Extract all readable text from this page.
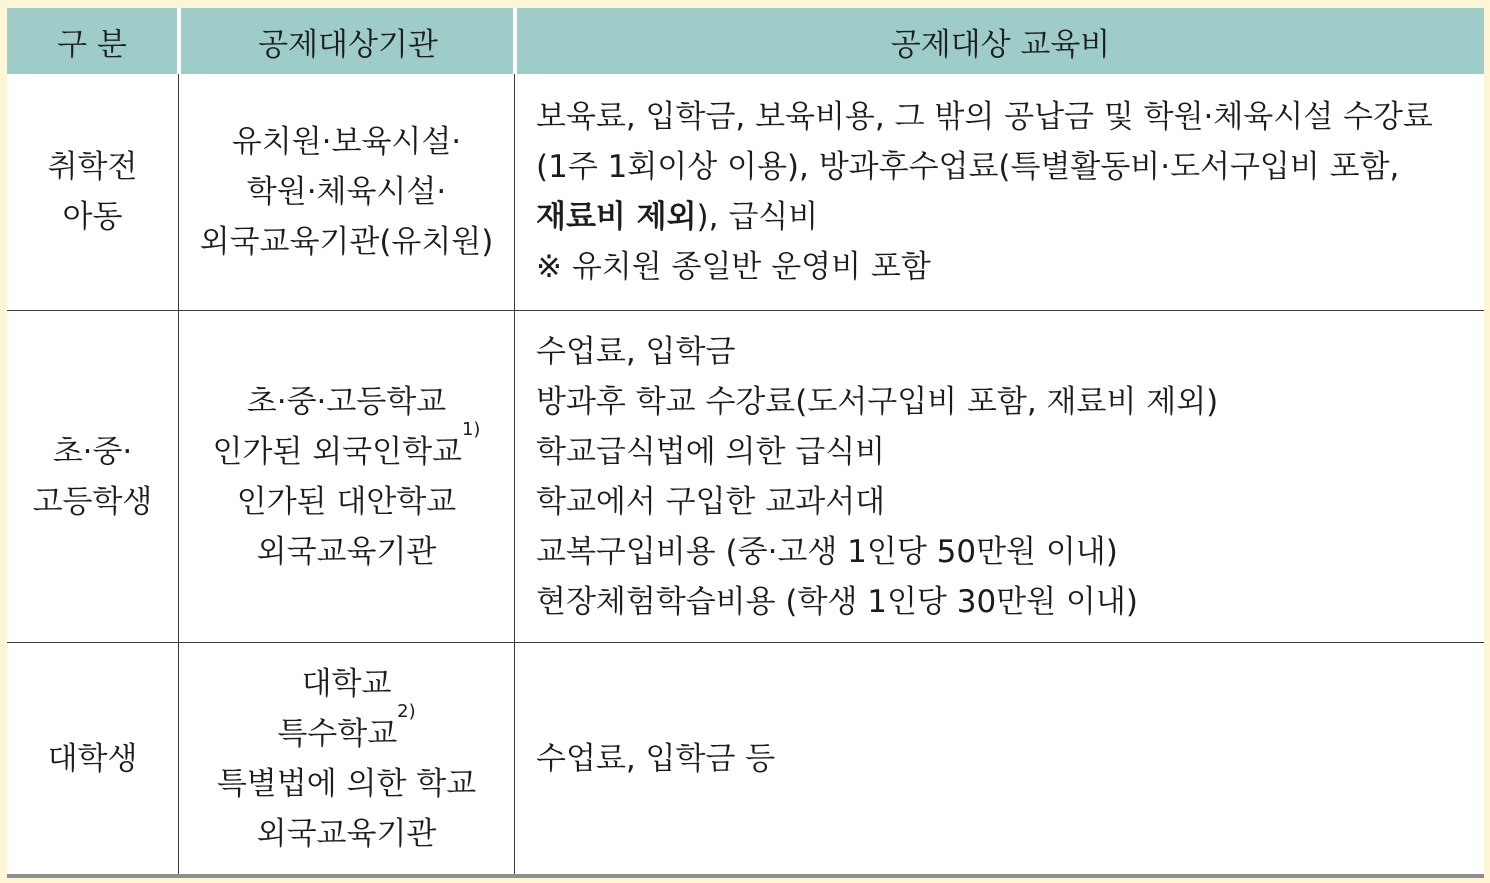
구 분	공제대상기관	공제대상 교육비
취학전
아동
유치원·보육시설·
학원·체육시설·
외국교육기관(유치원)
보육료, 입학금, 보육비용, 그 밖의 공납금 및 학원·체육시설 수강료
(1주 1회이상 이용), 방과후수업료(특별활동비·도서구입비 포함,
재료비 제외), 급식비
※ 유치원 종일반 운영비 포함
초·중·
고등학생
초·중·고등학교
인가된 외국인학교$^{1)}$
인가된 대안학교
외국교육기관
수업료, 입학금
방과후 학교 수강료(도서구입비 포함, 재료비 제외)
학교급식법에 의한 급식비
학교에서 구입한 교과서대
교복구입비용 (중·고생 1인당 50만원 이내)
현장체험학습비용 (학생 1인당 30만원 이내)
대학생
대학교
특수학교$^{2)}$
특별법에 의한 학교
외국교육기관
수업료, 입학금 등
